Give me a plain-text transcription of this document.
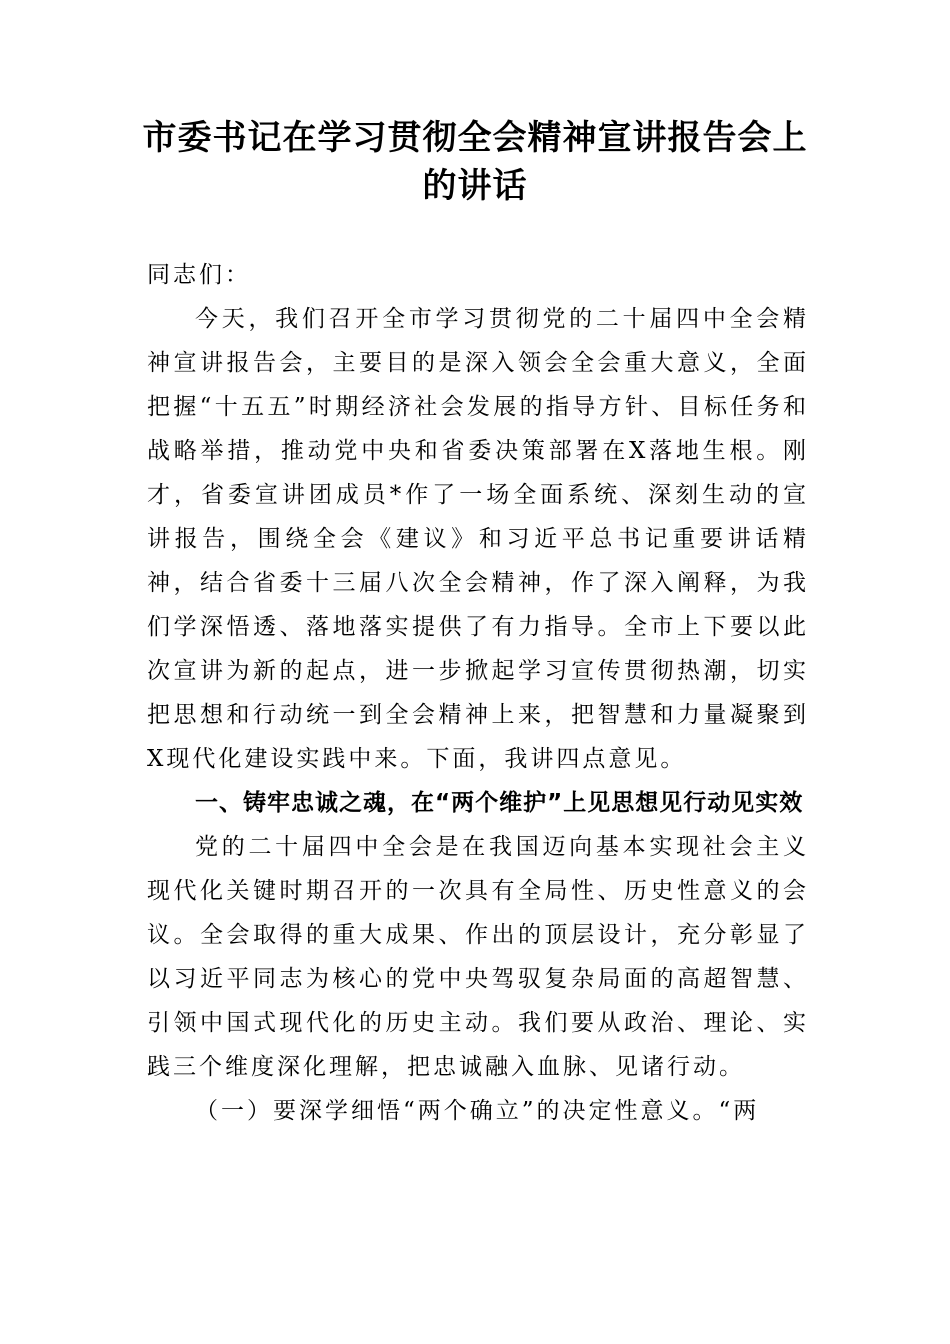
市委书记在学习贯彻全会精神宣讲报告会上的讲话

同志们：

今天，我们召开全市学习贯彻党的二十届四中全会精神宣讲报告会，主要目的是深入领会全会重大意义，全面把握“十五五”时期经济社会发展的指导方针、目标任务和战略举措，推动党中央和省委决策部署在X落地生根。刚才，省委宣讲团成员*作了一场全面系统、深刻生动的宣讲报告，围绕全会《建议》和习近平总书记重要讲话精神，结合省委十三届八次全会精神，作了深入阐释，为我们学深悟透、落地落实提供了有力指导。全市上下要以此次宣讲为新的起点，进一步掀起学习宣传贯彻热潮，切实把思想和行动统一到全会精神上来，把智慧和力量凝聚到X现代化建设实践中来。下面，我讲四点意见。

一、铸牢忠诚之魂，在“两个维护”上见思想见行动见实效

党的二十届四中全会是在我国迈向基本实现社会主义现代化关键时期召开的一次具有全局性、历史性意义的会议。全会取得的重大成果、作出的顶层设计，充分彰显了以习近平同志为核心的党中央驾驭复杂局面的高超智慧、引领中国式现代化的历史主动。我们要从政治、理论、实践三个维度深化理解，把忠诚融入血脉、见诸行动。

（一）要深学细悟“两个确立”的决定性意义。“两
